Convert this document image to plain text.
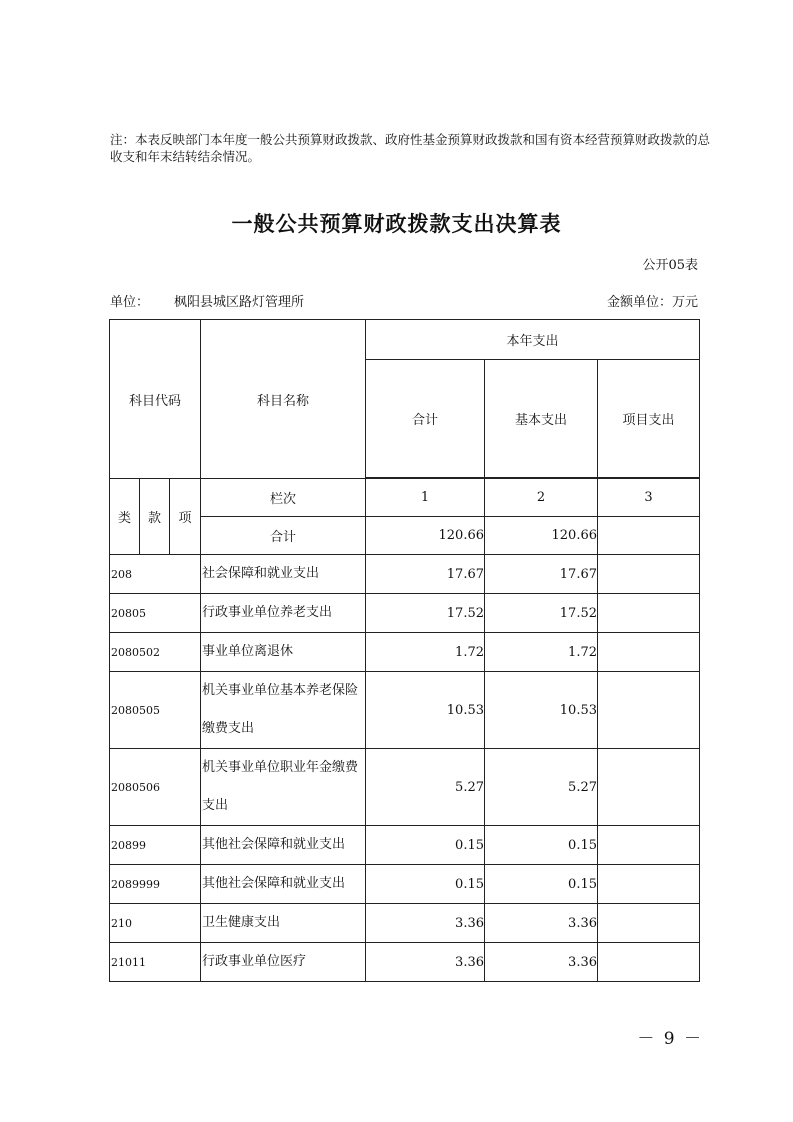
注：本表反映部门本年度一般公共预算财政拨款、政府性基金预算财政拨款和国有资本经营预算财政拨款的总收支和年末结转结余情况。

一般公共预算财政拨款支出决算表
公开05表
单位： 枫阳县城区路灯管理所	金额单位：万元
科目代码			科目名称	本年支出		
				合计	基本支出	项目支出

类	款	项	栏次	1	2	3
			合计	120.66	120.66	
208			社会保障和就业支出	17.67	17.67	
20805			行政事业单位养老支出	17.52	17.52	
2080502			事业单位离退休	1.72	1.72	
2080505			机关事业单位基本养老保险缴费支出	10.53	10.53	
2080506			机关事业单位职业年金缴费支出	5.27	5.27	
20899			其他社会保障和就业支出	0.15	0.15	
2089999			其他社会保障和就业支出	0.15	0.15	
210			卫生健康支出	3.36	3.36	
21011			行政事业单位医疗	3.36	3.36	
－ 9 －
